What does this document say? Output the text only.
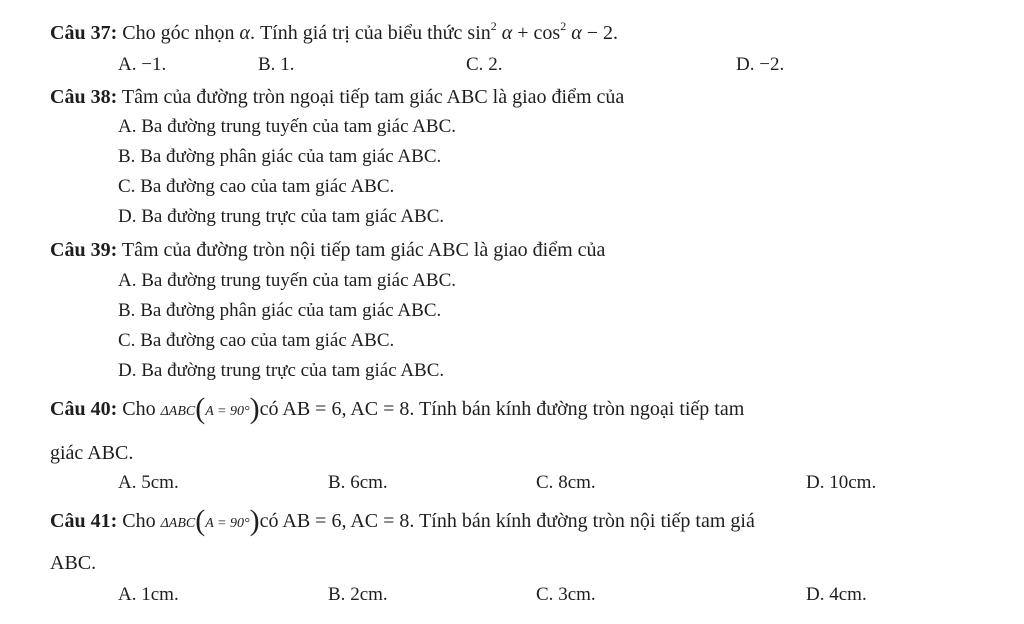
Câu 37: Cho góc nhọn α. Tính giá trị của biểu thức $\sin^2 \alpha + \cos^2 \alpha - 2$.
A. −1.	B. 1.	C. 2.	D. −2.
Câu 38: Tâm của đường tròn ngoại tiếp tam giác ABC là giao điểm của
A. Ba đường trung tuyến của tam giác ABC.
B. Ba đường phân giác của tam giác ABC.
C. Ba đường cao của tam giác ABC.
D. Ba đường trung trực của tam giác ABC.
Câu 39: Tâm của đường tròn nội tiếp tam giác ABC là giao điểm của
A. Ba đường trung tuyến của tam giác ABC.
B. Ba đường phân giác của tam giác ABC.
C. Ba đường cao của tam giác ABC.
D. Ba đường trung trực của tam giác ABC.
Câu 40: Cho ΔABC(A = 90°)có AB = 6, AC = 8. Tính bán kính đường tròn ngoại tiếp tam
giác ABC.
A. 5cm.	B. 6cm.	C. 8cm.	D. 10cm.
Câu 41: Cho ΔABC(A = 90°)có AB = 6, AC = 8. Tính bán kính đường tròn nội tiếp tam giá
ABC.
A. 1cm.	B. 2cm.	C. 3cm.	D. 4cm.
